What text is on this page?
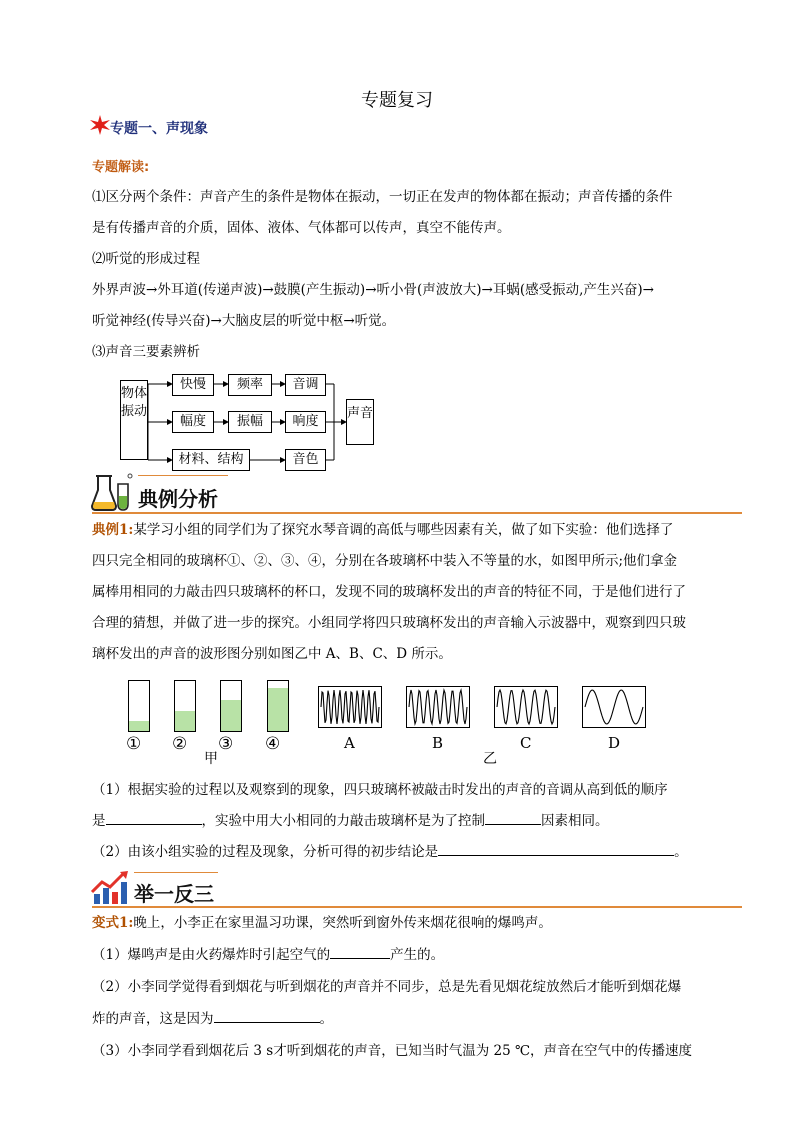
专题复习
专题一、声现象
专题解读:
⑴区分两个条件：声音产生的条件是物体在振动，一切正在发声的物体都在振动；声音传播的条件
是有传播声音的介质，固体、液体、气体都可以传声，真空不能传声。
⑵听觉的形成过程
外界声波→外耳道(传递声波)→鼓膜(产生振动)→听小骨(声波放大)→耳蜗(感受振动,产生兴奋)→
听觉神经(传导兴奋)→大脑皮层的听觉中枢→听觉。
⑶声音三要素辨析
物体振动
快慢	频率	音调
幅度	振幅	响度
材料、结构	音色
声音
典例分析
典例1:某学习小组的同学们为了探究水琴音调的高低与哪些因素有关，做了如下实验：他们选择了
四只完全相同的玻璃杯①、②、③、④，分别在各玻璃杯中装入不等量的水，如图甲所示;他们拿金
属棒用相同的力敲击四只玻璃杯的杯口，发现不同的玻璃杯发出的声音的特征不同，于是他们进行了
合理的猜想，并做了进一步的探究。小组同学将四只玻璃杯发出的声音输入示波器中，观察到四只玻
璃杯发出的声音的波形图分别如图乙中 A、B、C、D 所示。
① ② ③ ④
甲
A	B	C	D
乙
（1）根据实验的过程以及观察到的现象，四只玻璃杯被敲击时发出的声音的音调从高到低的顺序
是	，实验中用大小相同的力敲击玻璃杯是为了控制	因素相同。
（2）由该小组实验的过程及现象，分析可得的初步结论是	。
举一反三
变式1:晚上，小李正在家里温习功课，突然听到窗外传来烟花很响的爆鸣声。
（1）爆鸣声是由火药爆炸时引起空气的	产生的。
（2）小李同学觉得看到烟花与听到烟花的声音并不同步，总是先看见烟花绽放然后才能听到烟花爆
炸的声音，这是因为	。
（3）小李同学看到烟花后 3 s才听到烟花的声音，已知当时气温为 25 ℃，声音在空气中的传播速度
